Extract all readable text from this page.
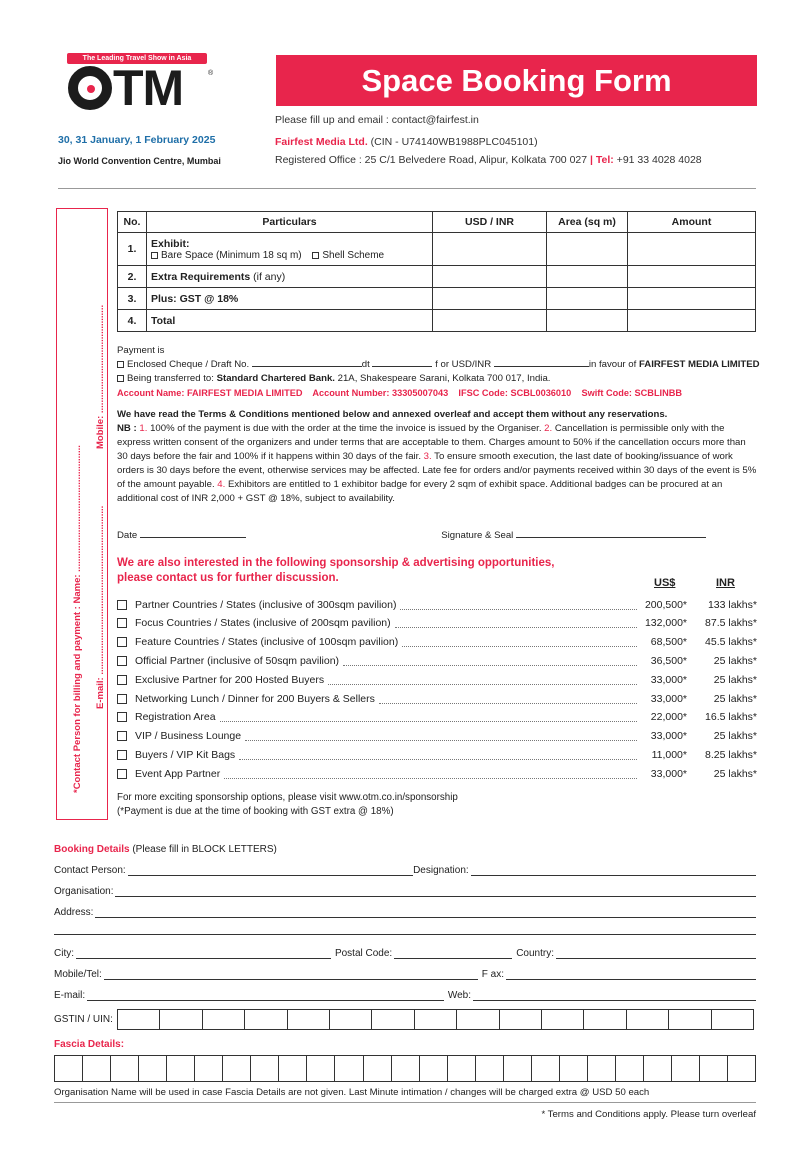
The Leading Travel Show in Asia
TM	®
30, 31 January, 1 February 2025
Jio World Convention Centre, Mumbai
Space Booking Form
Please fill up and email : contact@fairfest.in
Fairfest Media Ltd. (CIN - U74140WB1988PLC045101)
Registered Office : 25 C/1 Belvedere Road, Alipur, Kolkata 700 027 | Tel: +91 33 4028 4028
*Contact Person for billing and payment : Name: ................................................
E-mail: ................................................................
Mobile: .........................................
No.	Particulars	USD / INR	Area (sq m)	Amount
1.	Exhibit:
Bare Space (Minimum 18 sq m) Shell Scheme			

2.	Extra Requirements (if any)			
3.	Plus: GST @ 18%			
4.	Total			
Payment is
Enclosed Cheque / Draft No.	dt	f or USD/INR	in favour of FAIRFEST MEDIA LIMITED
Being transferred to: Standard Chartered Bank. 21A, Shakespeare Sarani, Kolkata 700 017, India.
Account Name: FAIRFEST MEDIA LIMITED Account Number: 33305007043 IFSC Code: SCBL0036010 Swift Code: SCBLINBB
We have read the Terms & Conditions mentioned below and annexed overleaf and accept them without any reservations.
NB : 1. 100% of the payment is due with the order at the time the invoice is issued by the Organiser. 2. Cancellation is permissible only with the express written consent of the organizers and under terms that are acceptable to them. Charges amount to 50% if the cancellation occurs more than 30 days before the fair and 100% if it happens within 30 days of the fair. 3. To ensure smooth execution, the last date of booking/issuance of work orders is 30 days before the event, otherwise services may be affected. Late fee for orders and/or payments received within 30 days of the event is 5% of the amount payable. 4. Exhibitors are entitled to 1 exhibitor badge for every 2 sqm of exhibit space. Additional badges can be procured at an additional cost of INR 2,000 + GST @ 18%, subject to availability.
Date	Signature & Seal
We are also interested in the following sponsorship & advertising opportunities,
please contact us for further discussion.	US$	INR
Partner Countries / States (inclusive of 300sqm pavilion)	200,500*	133 lakhs*
Focus Countries / States (inclusive of 200sqm pavilion)	132,000*	87.5 lakhs*
Feature Countries / States (inclusive of 100sqm pavilion)	68,500*	45.5 lakhs*
Official Partner (inclusive of 50sqm pavilion)	36,500*	25 lakhs*
Exclusive Partner for 200 Hosted Buyers	33,000*	25 lakhs*
Networking Lunch / Dinner for 200 Buyers & Sellers	33,000*	25 lakhs*
Registration Area	22,000*	16.5 lakhs*
VIP / Business Lounge	33,000*	25 lakhs*
Buyers / VIP Kit Bags	11,000*	8.25 lakhs*
Event App Partner	33,000*	25 lakhs*
For more exciting sponsorship options, please visit www.otm.co.in/sponsorship
(*Payment is due at the time of booking with GST extra @ 18%)
Booking Details (Please fill in BLOCK LETTERS)
Contact Person:	Designation:
Organisation:
Address:
City:	Postal Code:	Country:
Mobile/Tel:	F ax:
E-mail:	Web:
GSTIN / UIN:
Fascia Details:
Organisation Name will be used in case Fascia Details are not given. Last Minute intimation / changes will be charged extra @ USD 50 each
* Terms and Conditions apply. Please turn overleaf
